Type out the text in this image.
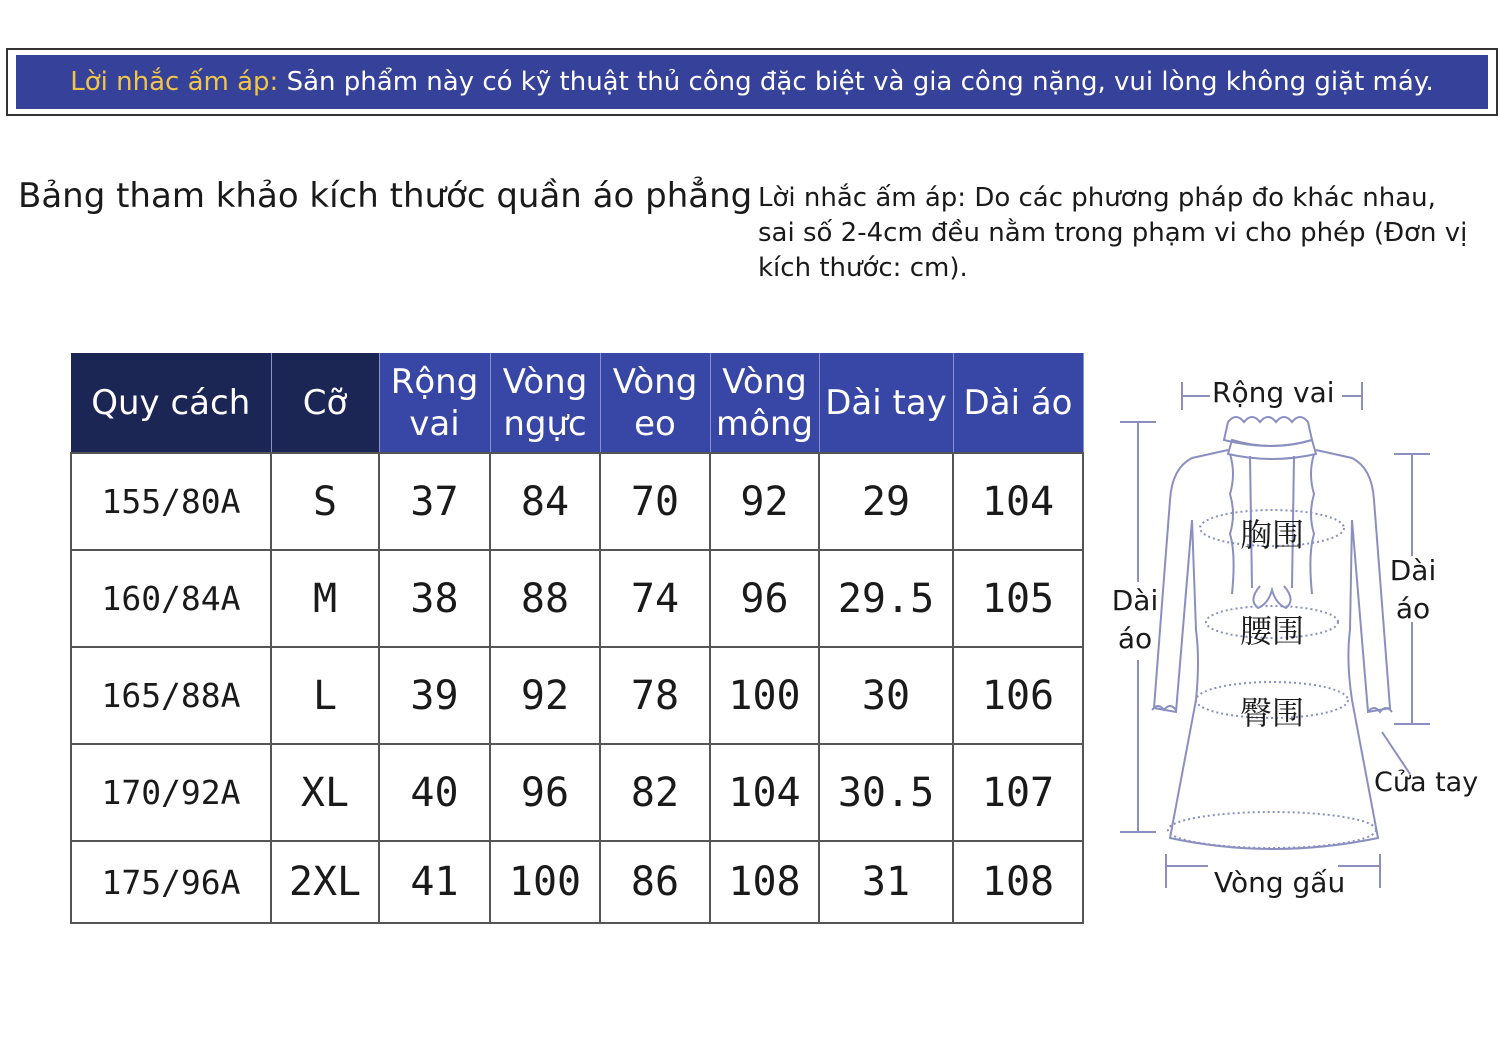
Lời nhắc ấm áp:
Sản phẩm này có kỹ thuật thủ công đặc biệt và gia công nặng, vui lòng không giặt máy.
Bảng tham khảo kích thước quần áo phẳng Lời nhắc ấm áp: Do các phương pháp đo khác nhau, sai số 2-4cm đều nằm trong phạm vi cho phép (Đơn vị kích thước: cm).
Quy cách	Cỡ	Rộng vai	Vòng ngực	Vòng eo	Vòng mông	Dài tay	Dài áo
155/80A	S	37	84	70	92	29	104
160/84A	M	38	88	74	96	29.5	105
165/88A	L	39	92	78	100	30	106
170/92A	XL	40	96	82	104	30.5	107
175/96A	2XL	41	100	86	108	31	108
Rộng vai
Dài áo
Dài áo
胸围
腰围
臀围
Cửa tay
Vòng gấu
